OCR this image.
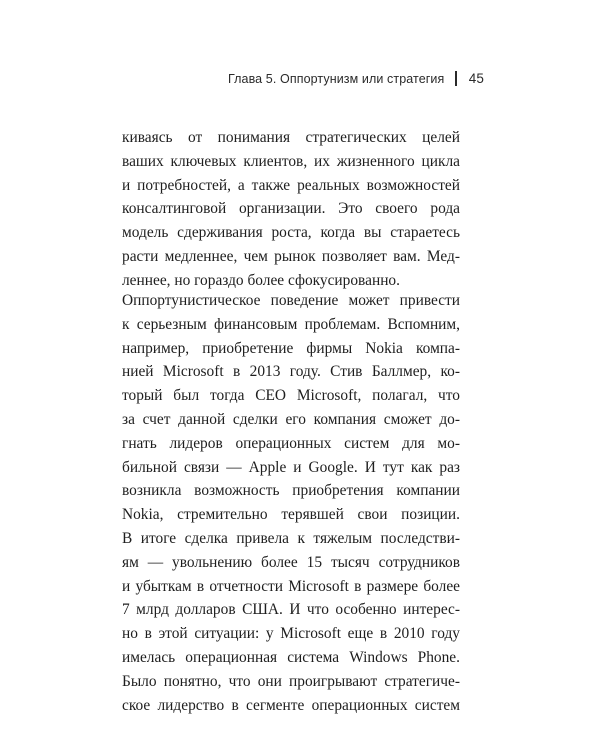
Глава 5. Оппортунизм или стратегия 45
киваясь от понимания стратегических целей
ваших ключевых клиентов, их жизненного цикла
и потребностей, а также реальных возможностей
консалтинговой организации. Это своего рода
модель сдерживания роста, когда вы стараетесь
расти медленнее, чем рынок позволяет вам. Мед-
леннее, но гораздо более сфокусированно.
Оппортунистическое поведение может привести
к серьезным финансовым проблемам. Вспомним,
например, приобретение фирмы Nokia компа-
нией Microsoft в 2013 году. Стив Баллмер, ко-
торый был тогда CEO Microsoft, полагал, что
за счет данной сделки его компания сможет до-
гнать лидеров операционных систем для мо-
бильной связи — Apple и Google. И тут как раз
возникла возможность приобретения компании
Nokia, стремительно терявшей свои позиции.
В итоге сделка привела к тяжелым последстви-
ям — увольнению более 15 тысяч сотрудников
и убыткам в отчетности Microsoft в размере более
7 млрд долларов США. И что особенно интерес-
но в этой ситуации: у Microsoft еще в 2010 году
имелась операционная система Windows Phone.
Было понятно, что они проигрывают стратегиче-
ское лидерство в сегменте операционных систем
